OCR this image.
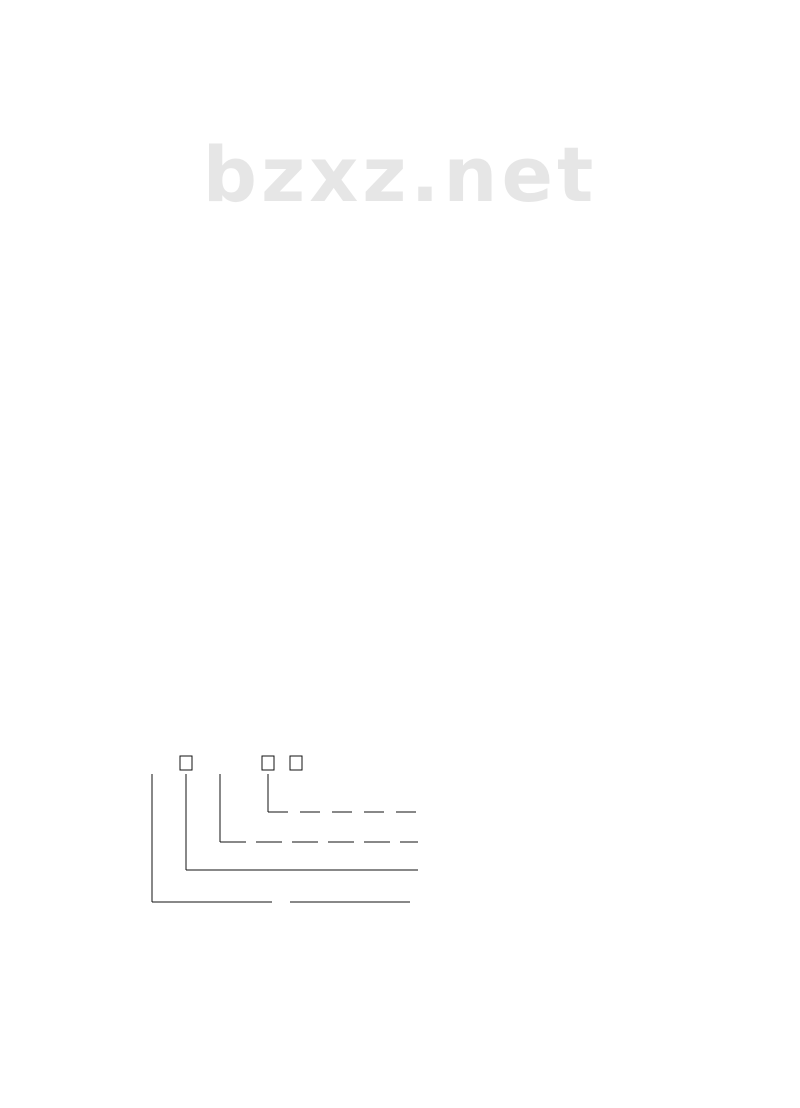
bzxz.net
